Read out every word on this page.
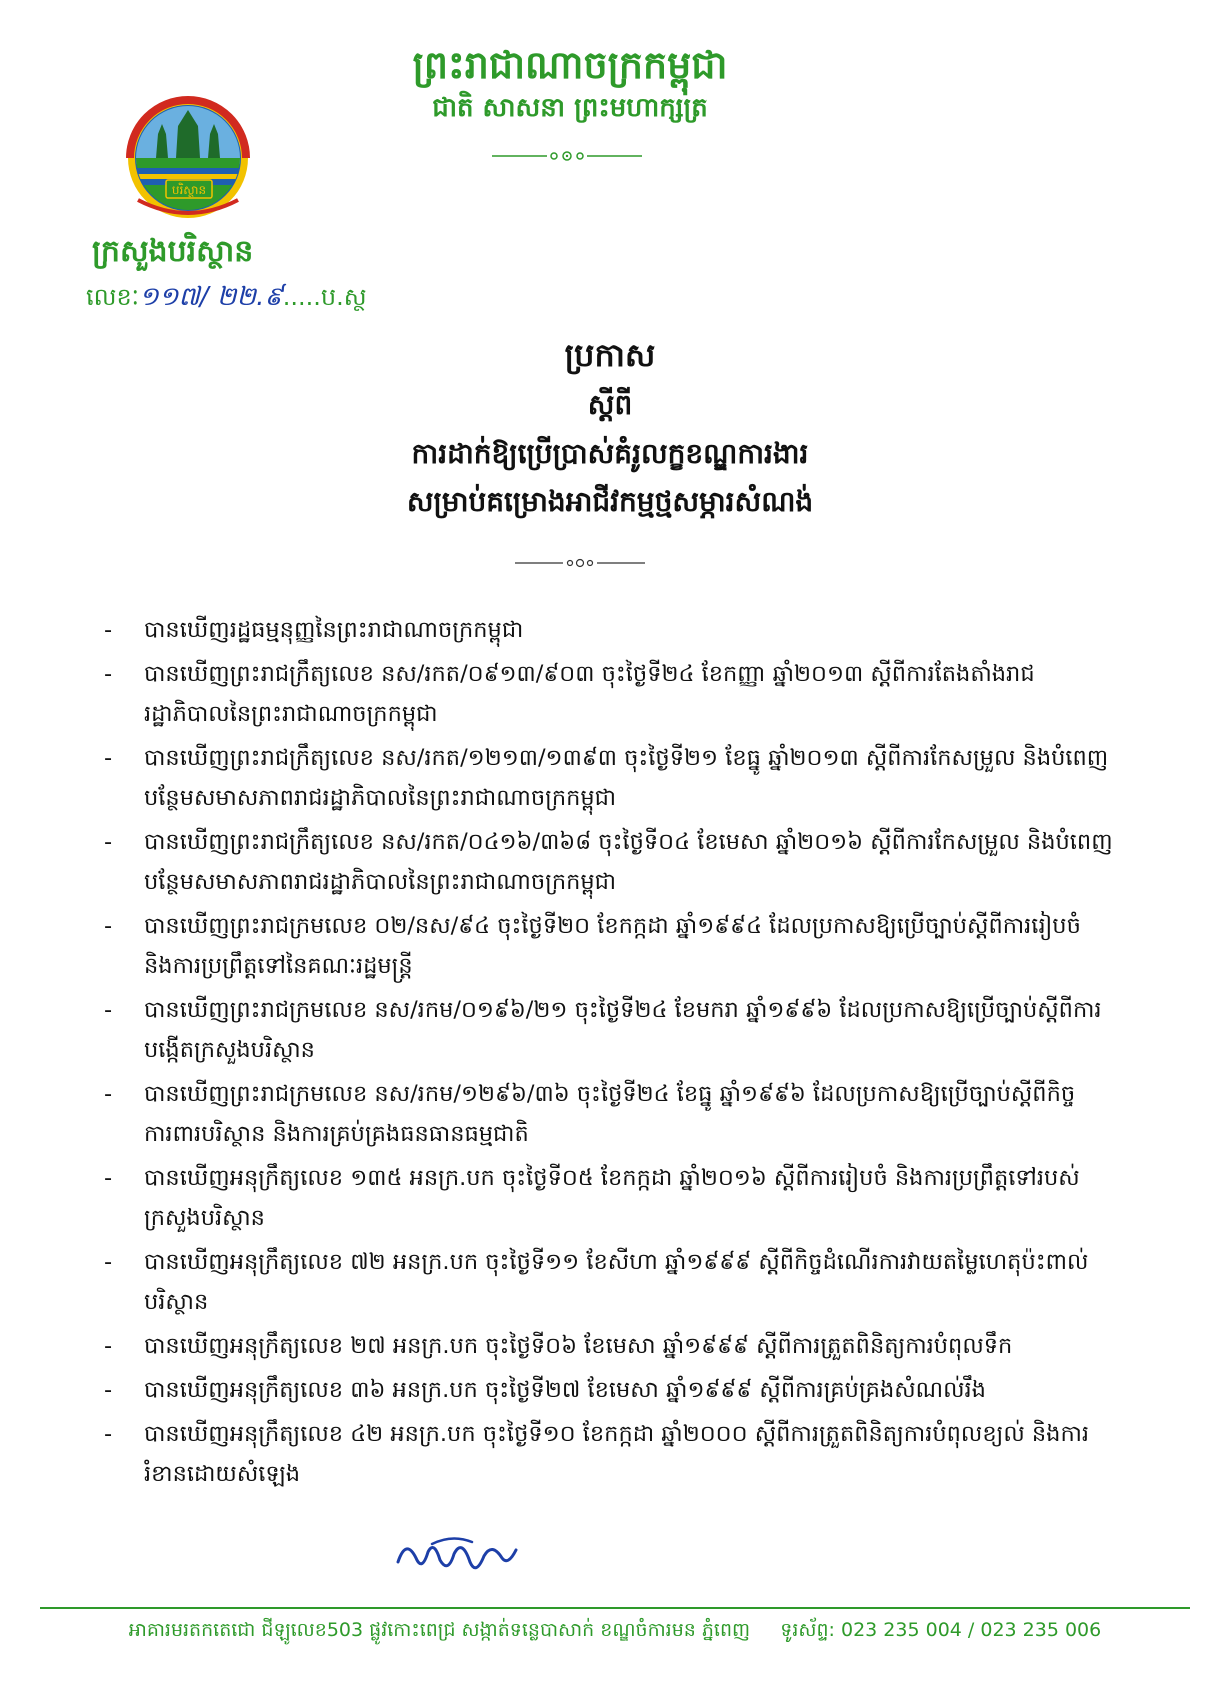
ព្រះរាជាណាចក្រកម្ពុជា
ជាតិ សាសនា ព្រះមហាក្សត្រ
បរិស្ថាន
ក្រសួងបរិស្ថាន
លេខៈ១១៧/ ២២.៩.....ប.ស្ថ
ប្រកាស
ស្តីពី
ការដាក់ឱ្យប្រើប្រាស់គំរូលក្ខខណ្ឌការងារ
សម្រាប់គម្រោងអាជីវកម្មថ្មសម្ភារសំណង់
-	បានឃើញរដ្ឋធម្មនុញ្ញនៃព្រះរាជាណាចក្រកម្ពុជា
-	បានឃើញព្រះរាជក្រឹត្យលេខ នស/រកត/០៩១៣/៩០៣ ចុះថ្ងៃទី២៤ ខែកញ្ញា ឆ្នាំ២០១៣ ស្តីពីការតែងតាំងរាជរដ្ឋាភិបាលនៃព្រះរាជាណាចក្រកម្ពុជា
-	បានឃើញព្រះរាជក្រឹត្យលេខ នស/រកត/១២១៣/១៣៩៣ ចុះថ្ងៃទី២១ ខែធ្នូ ឆ្នាំ២០១៣ ស្តីពីការកែសម្រួល និងបំពេញបន្ថែមសមាសភាពរាជរដ្ឋាភិបាលនៃព្រះរាជាណាចក្រកម្ពុជា
-	បានឃើញព្រះរាជក្រឹត្យលេខ នស/រកត/០៤១៦/៣៦៨ ចុះថ្ងៃទី០៤ ខែមេសា ឆ្នាំ២០១៦ ស្តីពីការកែសម្រួល និងបំពេញបន្ថែមសមាសភាពរាជរដ្ឋាភិបាលនៃព្រះរាជាណាចក្រកម្ពុជា
-	បានឃើញព្រះរាជក្រមលេខ ០២/នស/៩៤ ចុះថ្ងៃទី២០ ខែកក្កដា ឆ្នាំ១៩៩៤ ដែលប្រកាសឱ្យប្រើច្បាប់ស្តីពីការរៀបចំ និងការប្រព្រឹត្តទៅនៃគណៈរដ្ឋមន្ត្រី
-	បានឃើញព្រះរាជក្រមលេខ នស/រកម/០១៩៦/២១ ចុះថ្ងៃទី២៤ ខែមករា ឆ្នាំ១៩៩៦ ដែលប្រកាសឱ្យប្រើច្បាប់ស្តីពីការបង្កើតក្រសួងបរិស្ថាន
-	បានឃើញព្រះរាជក្រមលេខ នស/រកម/១២៩៦/៣៦ ចុះថ្ងៃទី២៤ ខែធ្នូ ឆ្នាំ១៩៩៦ ដែលប្រកាសឱ្យប្រើច្បាប់ស្តីពីកិច្ចការពារបរិស្ថាន និងការគ្រប់គ្រងធនធានធម្មជាតិ
-	បានឃើញអនុក្រឹត្យលេខ ១៣៥ អនក្រ.បក ចុះថ្ងៃទី០៥ ខែកក្កដា ឆ្នាំ២០១៦ ស្តីពីការរៀបចំ និងការប្រព្រឹត្តទៅរបស់ក្រសួងបរិស្ថាន
-	បានឃើញអនុក្រឹត្យលេខ ៧២ អនក្រ.បក ចុះថ្ងៃទី១១ ខែសីហា ឆ្នាំ១៩៩៩ ស្តីពីកិច្ចដំណើរការវាយតម្លៃហេតុប៉ះពាល់បរិស្ថាន
-	បានឃើញអនុក្រឹត្យលេខ ២៧ អនក្រ.បក ចុះថ្ងៃទី០៦ ខែមេសា ឆ្នាំ១៩៩៩ ស្តីពីការត្រួតពិនិត្យការបំពុលទឹក
-	បានឃើញអនុក្រឹត្យលេខ ៣៦ អនក្រ.បក ចុះថ្ងៃទី២៧ ខែមេសា ឆ្នាំ១៩៩៩ ស្តីពីការគ្រប់គ្រងសំណល់រឹង
-	បានឃើញអនុក្រឹត្យលេខ ៤២ អនក្រ.បក ចុះថ្ងៃទី១០ ខែកក្កដា ឆ្នាំ២០០០ ស្តីពីការត្រួតពិនិត្យការបំពុលខ្យល់ និងការរំខានដោយសំឡេង
អាគារមរតកតេជោ ជីឡូលេខ503 ផ្លូវកោះពេជ្រ សង្កាត់ទន្លេបាសាក់ ខណ្ឌចំការមន ភ្នំពេញ ទូរស័ព្ទ: 023 235 004 / 023 235 006
